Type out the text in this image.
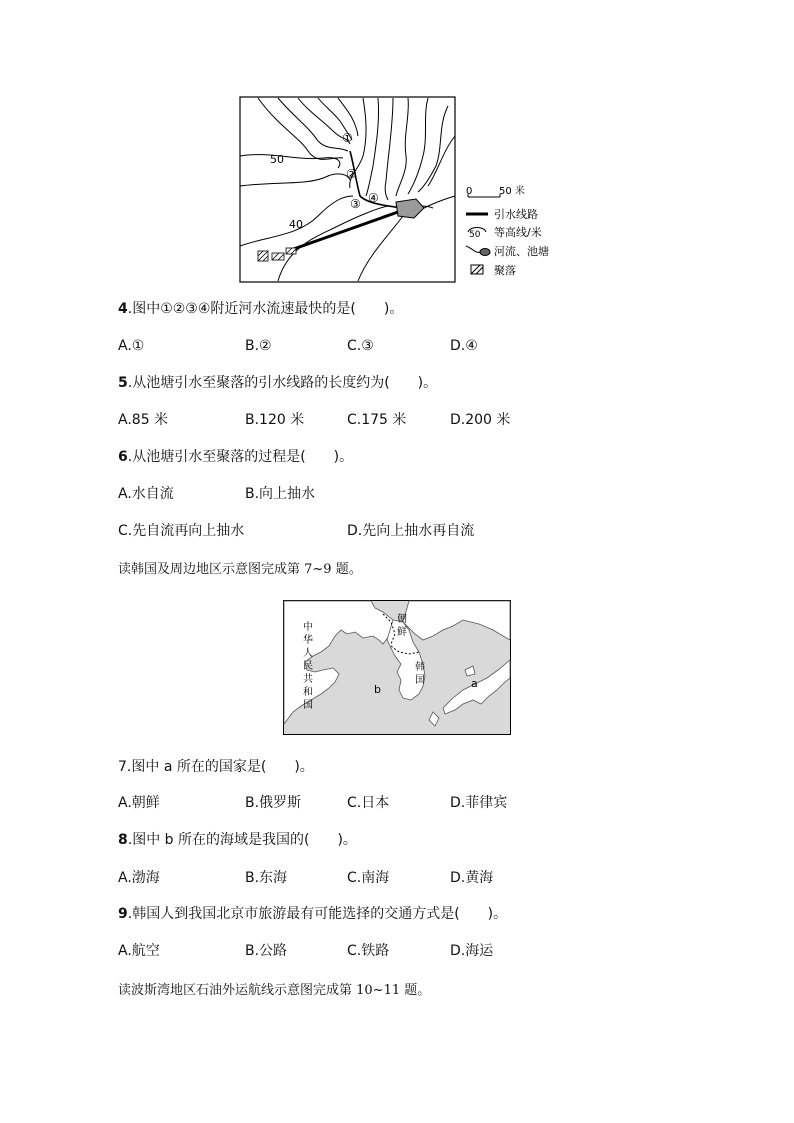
50
40
①
②
③ ④	0	50 米
引水线路
50 等高线/米
河流、池塘
聚落
4.图中①②③④附近河水流速最快的是(　　)。
A.①	B.②	C.③	D.④
5.从池塘引水至聚落的引水线路的长度约为(　　)。
A.85 米	B.120 米	C.175 米	D.200 米
6.从池塘引水至聚落的过程是(　　)。
A.水自流	B.向上抽水
C.先自流再向上抽水	D.先向上抽水再自流
读韩国及周边地区示意图完成第 7~9 题。
中
华
人
民
共
和
国
朝
鲜
韩
国	a
b
7.图中 a 所在的国家是(　　)。
A.朝鲜	B.俄罗斯	C.日本	D.菲律宾
8.图中 b 所在的海域是我国的(　　)。
A.渤海	B.东海	C.南海	D.黄海
9.韩国人到我国北京市旅游最有可能选择的交通方式是(　　)。
A.航空	B.公路	C.铁路	D.海运
读波斯湾地区石油外运航线示意图完成第 10~11 题。
